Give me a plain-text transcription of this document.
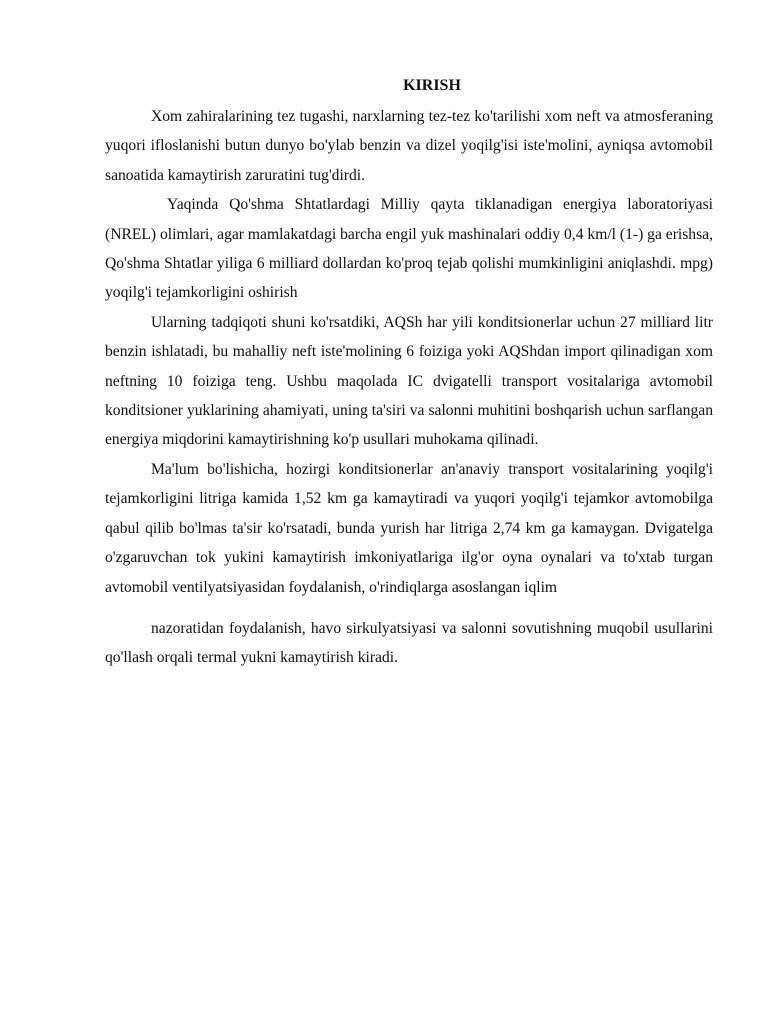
KIRISH

Xom zahiralarining tez tugashi, narxlarning tez-tez ko'tarilishi xom neft va atmosferaning yuqori ifloslanishi butun dunyo bo'ylab benzin va dizel yoqilg'isi iste'molini, ayniqsa avtomobil sanoatida kamaytirish zaruratini tug'dirdi.

Yaqinda Qo'shma Shtatlardagi Milliy qayta tiklanadigan energiya laboratoriyasi (NREL) olimlari, agar mamlakatdagi barcha engil yuk mashinalari oddiy 0,4 km/l (1-) ga erishsa, Qo'shma Shtatlar yiliga 6 milliard dollardan ko'proq tejab qolishi mumkinligini aniqlashdi. mpg) yoqilg'i tejamkorligini oshirish

Ularning tadqiqoti shuni ko'rsatdiki, AQSh har yili konditsionerlar uchun 27 milliard litr benzin ishlatadi, bu mahalliy neft iste'molining 6 foiziga yoki AQShdan import qilinadigan xom neftning 10 foiziga teng. Ushbu maqolada IC dvigatelli transport vositalariga avtomobil konditsioner yuklarining ahamiyati, uning ta'siri va salonni muhitini boshqarish uchun sarflangan energiya miqdorini kamaytirishning ko'p usullari muhokama qilinadi.

Ma'lum bo'lishicha, hozirgi konditsionerlar an'anaviy transport vositalarining yoqilg'i tejamkorligini litriga kamida 1,52 km ga kamaytiradi va yuqori yoqilg'i tejamkor avtomobilga qabul qilib bo'lmas ta'sir ko'rsatadi, bunda yurish har litriga 2,74 km ga kamaygan. Dvigatelga o'zgaruvchan tok yukini kamaytirish imkoniyatlariga ilg'or oyna oynalari va to'xtab turgan avtomobil ventilyatsiyasidan foydalanish, o'rindiqlarga asoslangan iqlim

nazoratidan foydalanish, havo sirkulyatsiyasi va salonni sovutishning muqobil usullarini qo'llash orqali termal yukni kamaytirish kiradi.
